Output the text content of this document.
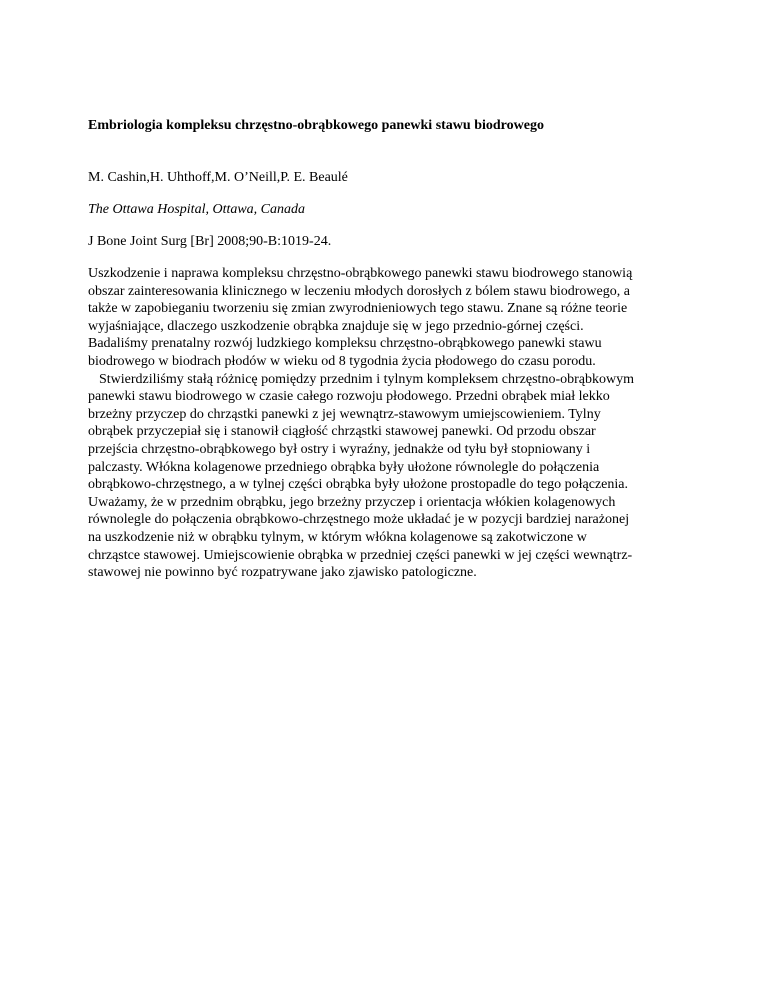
Embriologia kompleksu chrzęstno-obrąbkowego panewki stawu biodrowego

M. Cashin,H. Uhthoff,M. O’Neill,P. E. Beaulé

The Ottawa Hospital, Ottawa, Canada

J Bone Joint Surg [Br] 2008;90-B:1019-24.

Uszkodzenie i naprawa kompleksu chrzęstno-obrąbkowego panewki stawu biodrowego stanowią
obszar zainteresowania klinicznego w leczeniu młodych dorosłych z bólem stawu biodrowego, a
także w zapobieganiu tworzeniu się zmian zwyrodnieniowych tego stawu. Znane są różne teorie
wyjaśniające, dlaczego uszkodzenie obrąbka znajduje się w jego przednio-górnej części.
Badaliśmy prenatalny rozwój ludzkiego kompleksu chrzęstno-obrąbkowego panewki stawu
biodrowego w biodrach płodów w wieku od 8 tygodnia życia płodowego do czasu porodu.
Stwierdziliśmy stałą różnicę pomiędzy przednim i tylnym kompleksem chrzęstno-obrąbkowym
panewki stawu biodrowego w czasie całego rozwoju płodowego. Przedni obrąbek miał lekko
brzeżny przyczep do chrząstki panewki z jej wewnątrz-stawowym umiejscowieniem. Tylny
obrąbek przyczepiał się i stanowił ciągłość chrząstki stawowej panewki. Od przodu obszar
przejścia chrzęstno-obrąbkowego był ostry i wyraźny, jednakże od tyłu był stopniowany i
palczasty. Włókna kolagenowe przedniego obrąbka były ułożone równolegle do połączenia
obrąbkowo-chrzęstnego, a w tylnej części obrąbka były ułożone prostopadle do tego połączenia.
Uważamy, że w przednim obrąbku, jego brzeżny przyczep i orientacja włókien kolagenowych
równolegle do połączenia obrąbkowo-chrzęstnego może układać je w pozycji bardziej narażonej
na uszkodzenie niż w obrąbku tylnym, w którym włókna kolagenowe są zakotwiczone w
chrząstce stawowej. Umiejscowienie obrąbka w przedniej części panewki w jej części wewnątrz-
stawowej nie powinno być rozpatrywane jako zjawisko patologiczne.
